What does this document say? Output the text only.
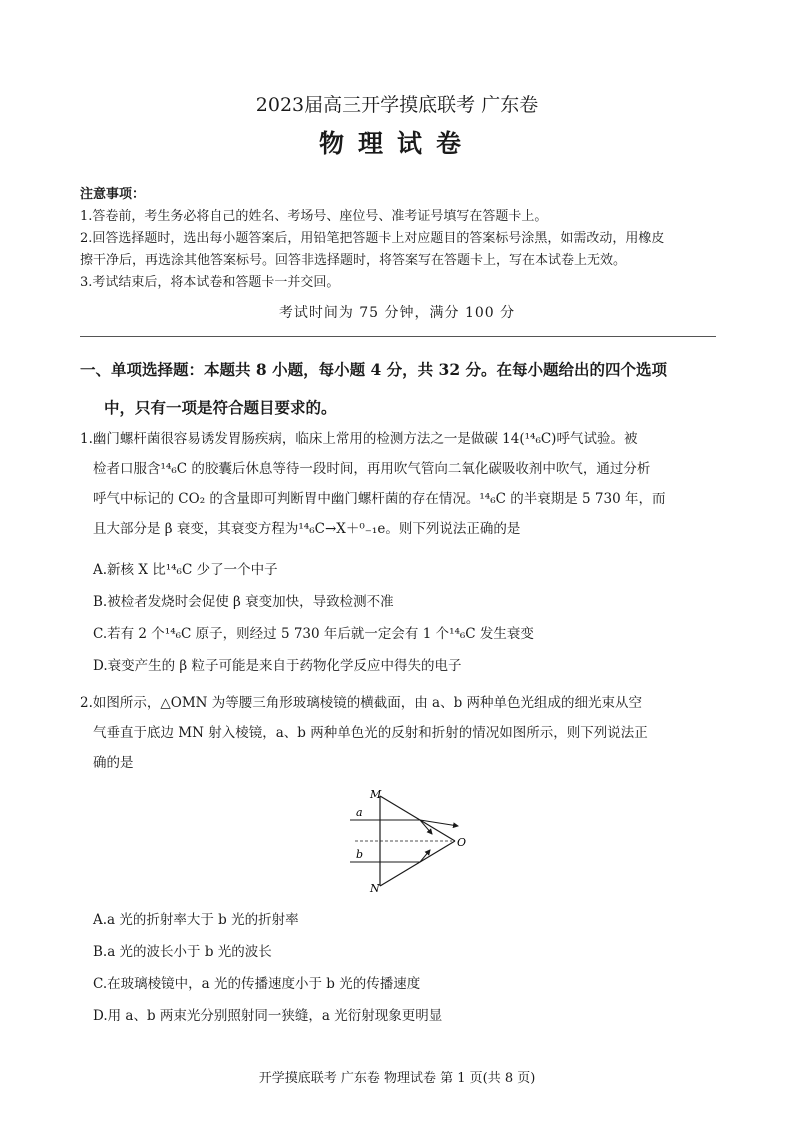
2023届高三开学摸底联考 广东卷
物理试卷
注意事项：
1.答卷前，考生务必将自己的姓名、考场号、座位号、准考证号填写在答题卡上。
2.回答选择题时，选出每小题答案后，用铅笔把答题卡上对应题目的答案标号涂黑，如需改动，用橡皮
擦干净后，再选涂其他答案标号。回答非选择题时，将答案写在答题卡上，写在本试卷上无效。
3.考试结束后，将本试卷和答题卡一并交回。
考试时间为 75 分钟，满分 100 分
一、单项选择题：本题共 8 小题，每小题 4 分，共 32 分。在每小题给出的四个选项
中，只有一项是符合题目要求的。
1.幽门螺杆菌很容易诱发胃肠疾病，临床上常用的检测方法之一是做碳 14(¹⁴₆C)呼气试验。被
检者口服含¹⁴₆C 的胶囊后休息等待一段时间，再用吹气管向二氧化碳吸收剂中吹气，通过分析
呼气中标记的 CO₂ 的含量即可判断胃中幽门螺杆菌的存在情况。¹⁴₆C 的半衰期是 5 730 年，而
且大部分是 β 衰变，其衰变方程为¹⁴₆C→X＋⁰₋₁e。则下列说法正确的是
A.新核 X 比¹⁴₆C 少了一个中子
B.被检者发烧时会促使 β 衰变加快，导致检测不准
C.若有 2 个¹⁴₆C 原子，则经过 5 730 年后就一定会有 1 个¹⁴₆C 发生衰变
D.衰变产生的 β 粒子可能是来自于药物化学反应中得失的电子
2.如图所示，△OMN 为等腰三角形玻璃棱镜的横截面，由 a、b 两种单色光组成的细光束从空
气垂直于底边 MN 射入棱镜，a、b 两种单色光的反射和折射的情况如图所示，则下列说法正
确的是
M
N
O
a
b
A.a 光的折射率大于 b 光的折射率
B.a 光的波长小于 b 光的波长
C.在玻璃棱镜中，a 光的传播速度小于 b 光的传播速度
D.用 a、b 两束光分别照射同一狭缝，a 光衍射现象更明显
开学摸底联考 广东卷 物理试卷 第 1 页(共 8 页)
